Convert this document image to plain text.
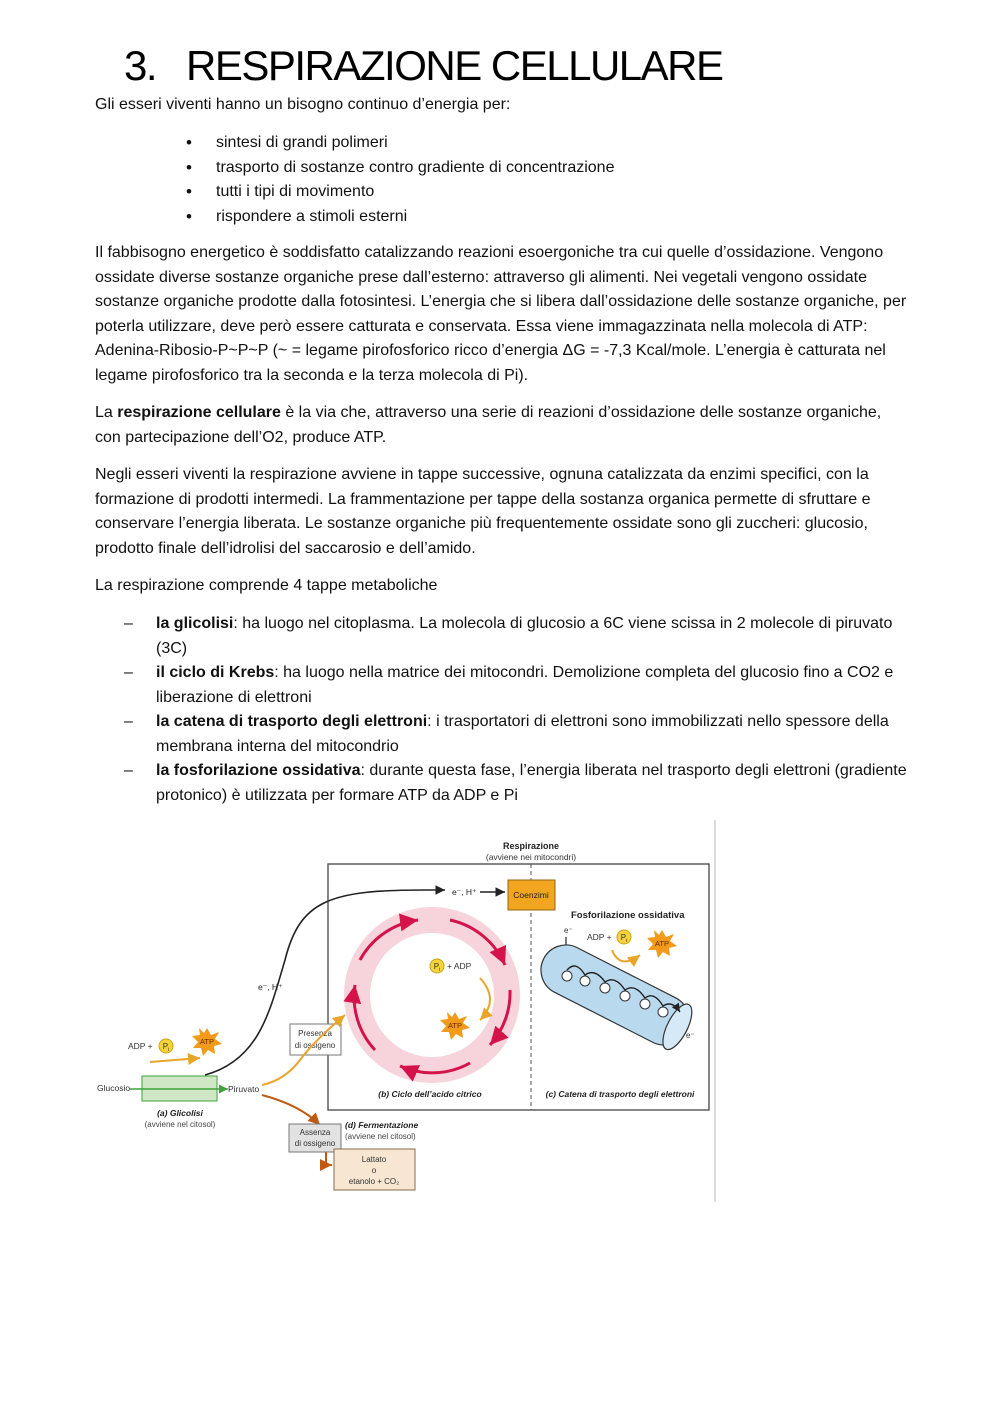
3. RESPIRAZIONE CELLULARE

Gli esseri viventi hanno un bisogno continuo d’energia per:

• sintesi di grandi polimeri
• trasporto di sostanze contro gradiente di concentrazione
• tutti i tipi di movimento
• rispondere a stimoli esterni

Il fabbisogno energetico è soddisfatto catalizzando reazioni esoergoniche tra cui quelle d’ossidazione. Vengono ossidate diverse sostanze organiche prese dall’esterno: attraverso gli alimenti. Nei vegetali vengono ossidate sostanze organiche prodotte dalla fotosintesi. L’energia che si libera dall’ossidazione delle sostanze organiche, per poterla utilizzare, deve però essere catturata e conservata. Essa viene immagazzinata nella molecola di ATP: Adenina-Ribosio-P~P~P (~ = legame pirofosforico ricco d’energia ΔG = -7,3 Kcal/mole. L’energia è catturata nel legame pirofosforico tra la seconda e la terza molecola di Pi).

La respirazione cellulare è la via che, attraverso una serie di reazioni d’ossidazione delle sostanze organiche, con partecipazione dell’O2, produce ATP.

Negli esseri viventi la respirazione avviene in tappe successive, ognuna catalizzata da enzimi specifici, con la formazione di prodotti intermedi. La frammentazione per tappe della sostanza organica permette di sfruttare e conservare l’energia liberata. Le sostanze organiche più frequentemente ossidate sono gli zuccheri: glucosio, prodotto finale dell’idrolisi del saccarosio e dell’amido.

La respirazione comprende 4 tappe metaboliche

– la glicolisi: ha luogo nel citoplasma. La molecola di glucosio a 6C viene scissa in 2 molecole di piruvato (3C)
– il ciclo di Krebs: ha luogo nella matrice dei mitocondri. Demolizione completa del glucosio fino a CO2 e liberazione di elettroni
– la catena di trasporto degli elettroni: i trasportatori di elettroni sono immobilizzati nello spessore della membrana interna del mitocondrio
– la fosforilazione ossidativa: durante questa fase, l’energia liberata nel trasporto degli elettroni (gradiente protonico) è utilizzata per formare ATP da ADP e Pi
Respirazione
(avviene nei mitocondri)
$P_i$ + ADP
ATP
(b) Ciclo dell’acido citrico	(c) Catena di trasporto degli elettroni
Coenzimi
e⁻, H⁺
e⁻, H⁺
Fosforilazione ossidativa
e⁻
ADP + $P_i$	ATP
e⁻
ADP + $P_i$
ATP
Glucosio	Piruvato
(a) Glicolisi
(avviene nel citosol)
Presenza
di ossigeno
Assenza
di ossigeno
(d) Fermentazione
(avviene nel citosol)
Lattato
o
etanolo + CO₂
